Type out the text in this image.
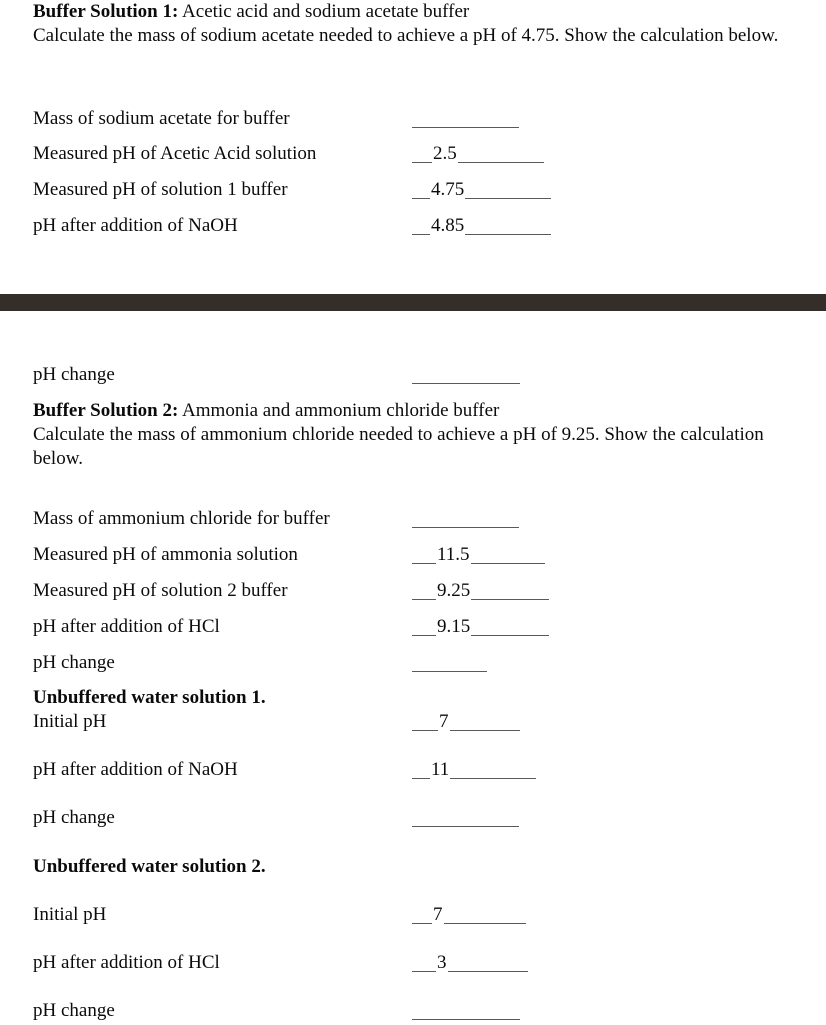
Buffer Solution 1: Acetic acid and sodium acetate buffer
Calculate the mass of sodium acetate needed to achieve a pH of 4.75. Show the calculation below.
Mass of sodium acetate for buffer
Measured pH of Acetic Acid solution	2.5
Measured pH of solution 1 buffer	4.75
pH after addition of NaOH	4.85
pH change
Buffer Solution 2: Ammonia and ammonium chloride buffer
Calculate the mass of ammonium chloride needed to achieve a pH of 9.25. Show the calculation below.
Mass of ammonium chloride for buffer
Measured pH of ammonia solution	11.5
Measured pH of solution 2 buffer	9.25
pH after addition of HCl	9.15
pH change
Unbuffered water solution 1.
Initial pH	7
pH after addition of NaOH	11
pH change
Unbuffered water solution 2.
Initial pH	7
pH after addition of HCl	3
pH change
